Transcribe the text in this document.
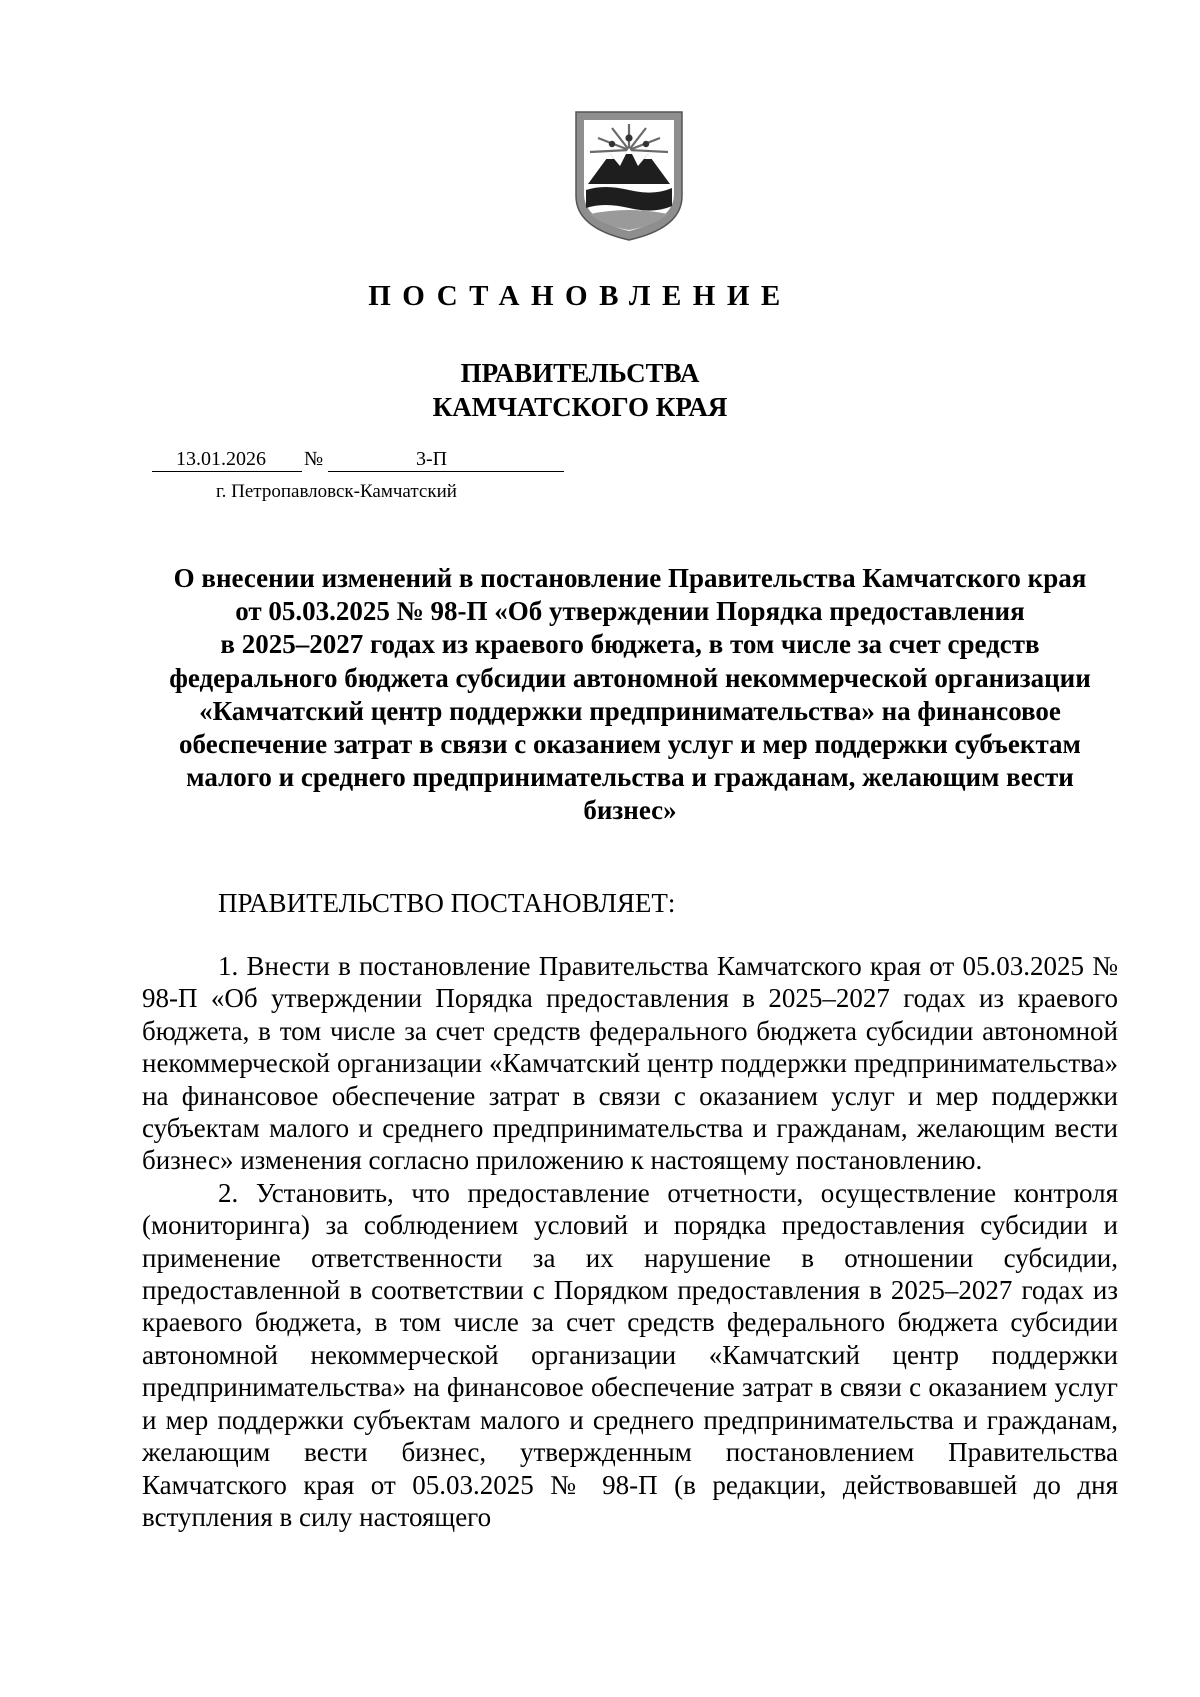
ПОСТАНОВЛЕНИЕ
ПРАВИТЕЛЬСТВА
КАМЧАТСКОГО КРАЯ
13.01.2026 №	3-П
г. Петропавловск-Камчатский
О внесении изменений в постановление Правительства Камчатского края
от 05.03.2025 № 98-П «Об утверждении Порядка предоставления
в 2025–2027 годах из краевого бюджета, в том числе за счет средств
федерального бюджета субсидии автономной некоммерческой организации
«Камчатский центр поддержки предпринимательства» на финансовое
обеспечение затрат в связи с оказанием услуг и мер поддержки субъектам
малого и среднего предпринимательства и гражданам, желающим вести
бизнес»
ПРАВИТЕЛЬСТВО ПОСТАНОВЛЯЕТ:

1. Внести в постановление Правительства Камчатского края от 05.03.2025 № 98-П «Об утверждении Порядка предоставления в 2025–2027 годах из краевого бюджета, в том числе за счет средств федерального бюджета субсидии автономной некоммерческой организации «Камчатский центр поддержки предпринимательства» на финансовое обеспечение затрат в связи с оказанием услуг и мер поддержки субъектам малого и среднего предпринимательства и гражданам, желающим вести бизнес» изменения согласно приложению к настоящему постановлению.

2. Установить, что предоставление отчетности, осуществление контроля (мониторинга) за соблюдением условий и порядка предоставления субсидии и применение ответственности за их нарушение в отношении субсидии, предоставленной в соответствии с Порядком предоставления в 2025–2027 годах из краевого бюджета, в том числе за счет средств федерального бюджета субсидии автономной некоммерческой организации «Камчатский центр поддержки предпринимательства» на финансовое обеспечение затрат в связи с оказанием услуг и мер поддержки субъектам малого и среднего предпринимательства и гражданам, желающим вести бизнес, утвержденным постановлением Правительства Камчатского края от 05.03.2025 № 98-П (в редакции, действовавшей до дня вступления в силу настоящего
